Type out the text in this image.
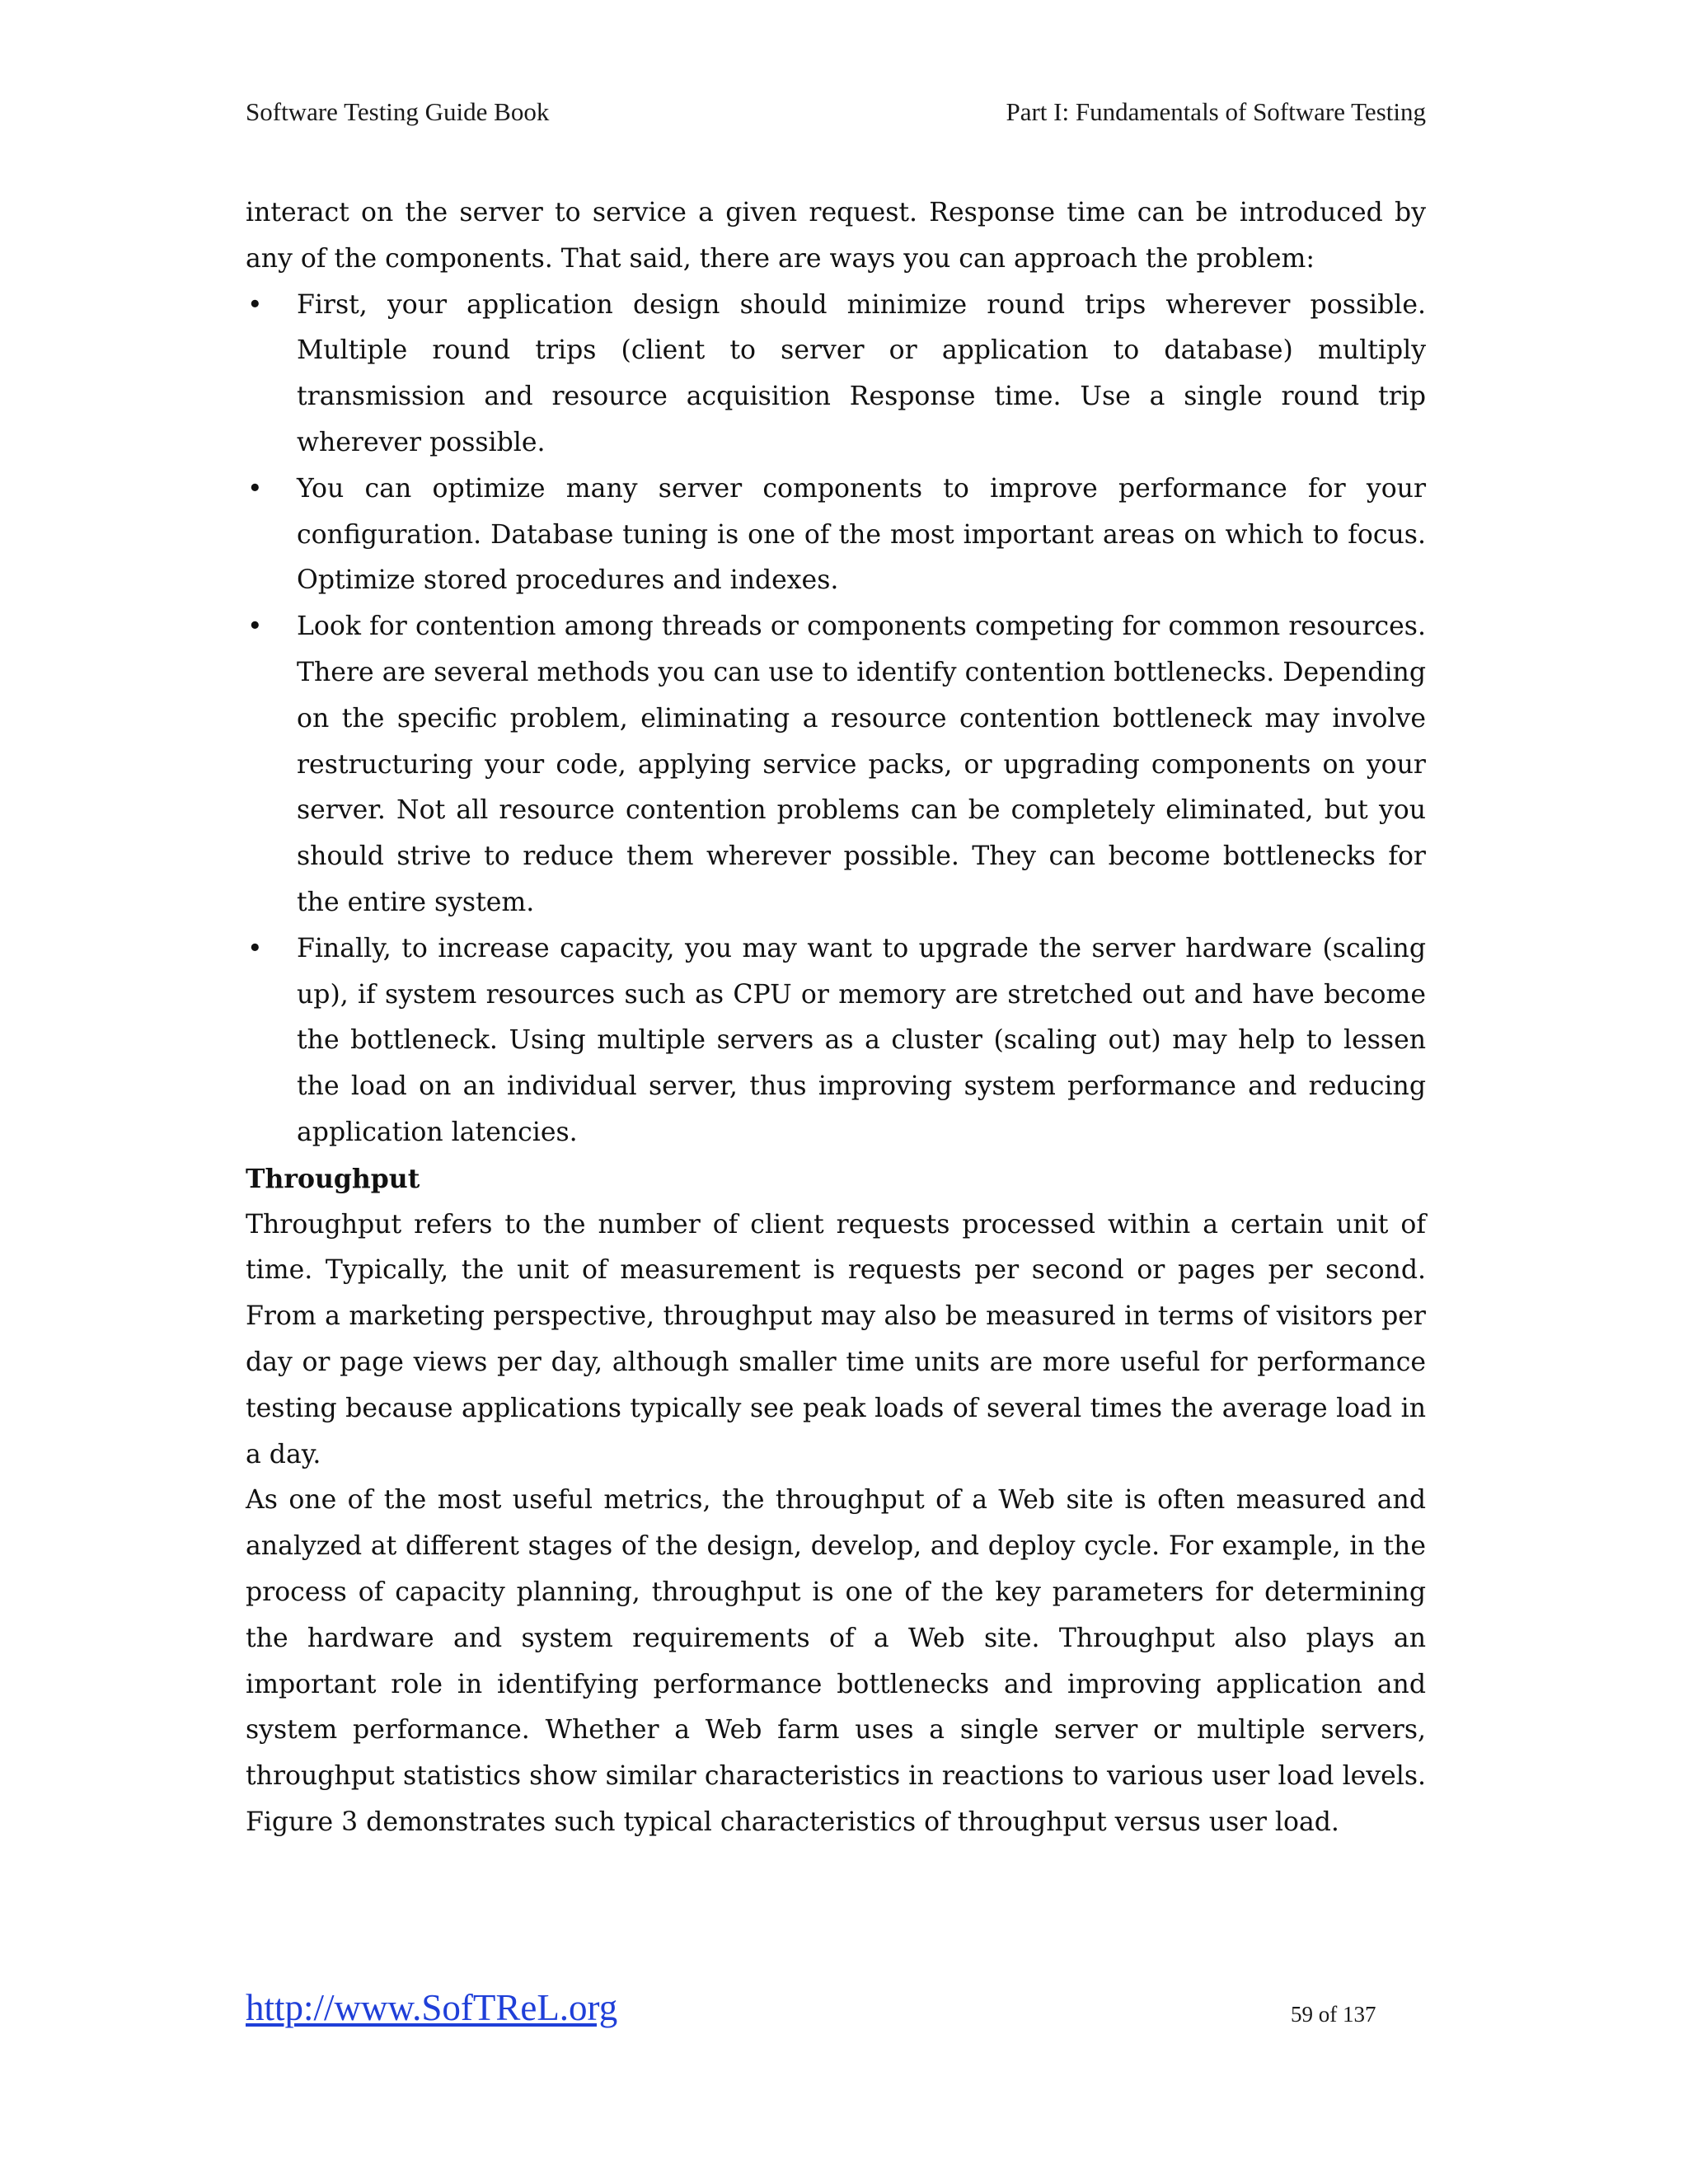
Software Testing Guide Book	Part I: Fundamentals of Software Testing

interact on the server to service a given request. Response time can be introduced by any of the components. That said, there are ways you can approach the problem:

• First, your application design should minimize round trips wherever possible. Multiple round trips (client to server or application to database) multiply transmission and resource acquisition Response time. Use a single round trip wherever possible.
• You can optimize many server components to improve performance for your configuration. Database tuning is one of the most important areas on which to focus. Optimize stored procedures and indexes.
• Look for contention among threads or components competing for common resources. There are several methods you can use to identify contention bottlenecks. Depending on the specific problem, eliminating a resource contention bottleneck may involve restructuring your code, applying service packs, or upgrading components on your server. Not all resource contention problems can be completely eliminated, but you should strive to reduce them wherever possible. They can become bottlenecks for the entire system.
• Finally, to increase capacity, you may want to upgrade the server hardware (scaling up), if system resources such as CPU or memory are stretched out and have become the bottleneck. Using multiple servers as a cluster (scaling out) may help to lessen the load on an individual server, thus improving system performance and reducing application latencies.

Throughput

Throughput refers to the number of client requests processed within a certain unit of time. Typically, the unit of measurement is requests per second or pages per second. From a marketing perspective, throughput may also be measured in terms of visitors per day or page views per day, although smaller time units are more useful for performance testing because applications typically see peak loads of several times the average load in a day.

As one of the most useful metrics, the throughput of a Web site is often measured and analyzed at different stages of the design, develop, and deploy cycle. For example, in the process of capacity planning, throughput is one of the key parameters for determining the hardware and system requirements of a Web site. Throughput also plays an important role in identifying performance bottlenecks and improving application and system performance. Whether a Web farm uses a single server or multiple servers, throughput statistics show similar characteristics in reactions to various user load levels. Figure 3 demonstrates such typical characteristics of throughput versus user load.

http://www.SofTReL.org	59 of 137
